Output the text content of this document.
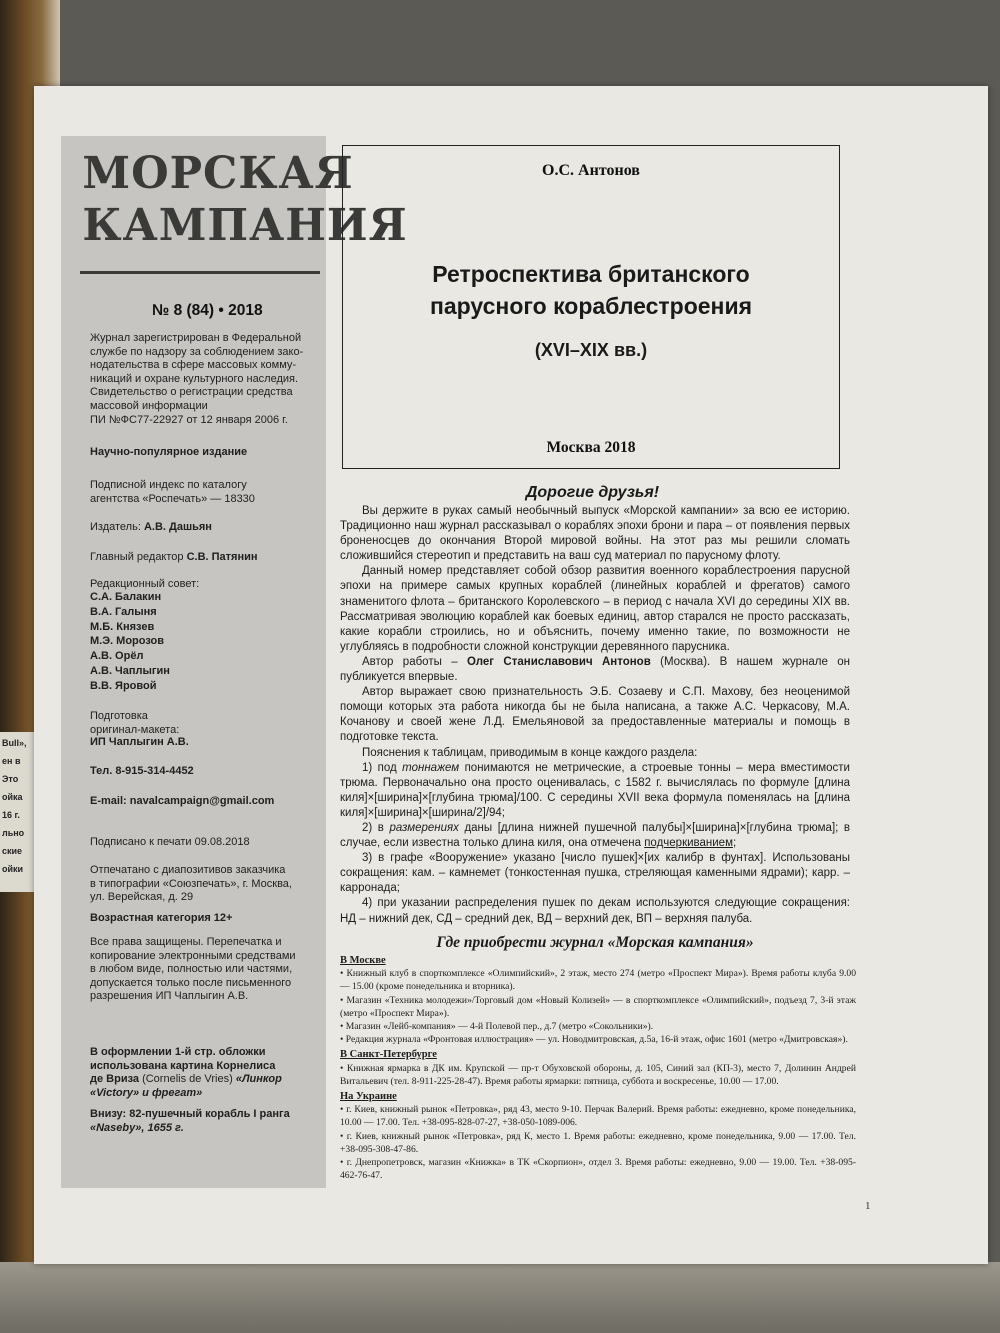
Bull»,
ен в
Это
ойка
16 г.
льно
ские
ойки
МОРСКАЯ
КАМПАНИЯ
№ 8 (84) • 2018
Журнал зарегистрирован в Федеральной
службе по надзору за соблюдением зако-
нодательства в сфере массовых комму-
никаций и охране культурного наследия.
Свидетельство о регистрации средства
массовой информации
ПИ №ФС77-22927 от 12 января 2006 г.
Научно-популярное издание
Подписной индекс по каталогу
агентства «Роспечать» — 18330
Издатель: А.В. Дашьян
Главный редактор С.В. Патянин
Редакционный совет:
С.А. Балакин
В.А. Галыня
М.Б. Князев
М.Э. Морозов
А.В. Орёл
А.В. Чаплыгин
В.В. Яровой
Подготовка
оригинал-макета:
ИП Чаплыгин А.В.
Тел. 8-915-314-4452
E-mail: navalcampaign@gmail.com
Подписано к печати 09.08.2018
Отпечатано с диапозитивов заказчика
в типографии «Союзпечать», г. Москва,
ул. Верейская, д. 29
Возрастная категория 12+
Все права защищены. Перепечатка и
копирование электронными средствами
в любом виде, полностью или частями,
допускается только после письменного
разрешения ИП Чаплыгин А.В.
В оформлении 1-й стр. обложки
использована картина Корнелиса
де Вриза (Cornelis de Vries) «Линкор
«Victory» и фрегат»
Внизу: 82-пушечный корабль I ранга
«Naseby», 1655 г.
О.С. Антонов
Ретроспектива британского
парусного кораблестроения
(XVI–XIX вв.)
Москва 2018
Дорогие друзья!

Вы держите в руках самый необычный выпуск «Морской кампании» за всю ее историю. Традиционно наш журнал рассказывал о кораблях эпохи брони и пара – от появления первых броненосцев до окончания Второй мировой войны. На этот раз мы решили сломать сложившийся стереотип и представить на ваш суд материал по парусному флоту.

Данный номер представляет собой обзор развития военного кораблестроения парусной эпохи на примере самых крупных кораблей (линейных кораблей и фрегатов) самого знаменитого флота – британского Королевского – в период с начала XVI до середины XIX вв. Рассматривая эволюцию кораблей как боевых единиц, автор старался не просто рассказать, какие корабли строились, но и объяснить, почему именно такие, по возможности не углубляясь в подробности сложной конструкции деревянного парусника.

Автор работы – Олег Станиславович Антонов (Москва). В нашем журнале он публикуется впервые.

Автор выражает свою признательность Э.Б. Созаеву и С.П. Махову, без неоценимой помощи которых эта работа никогда бы не была написана, а также А.С. Черкасову, М.А. Кочановy и своей жене Л.Д. Емельяновой за предоставленные материалы и помощь в подготовке текста.

Пояснения к таблицам, приводимым в конце каждого раздела:

1) под тоннажем понимаются не метрические, а строевые тонны – мера вместимости трюма. Первоначально она просто оценивалась, с 1582 г. вычислялась по формуле [длина киля]×[ширина]×[глубина трюма]/100. С середины XVII века формула поменялась на [длина киля]×[ширина]×[ширина/2]/94;

2) в размерениях даны [длина нижней пушечной палубы]×[ширина]×[глубина трюма]; в случае, если известна только длина киля, она отмечена подчеркиванием;

3) в графе «Вооружение» указано [число пушек]×[их калибр в фунтах]. Использованы сокращения: кам. – камнемет (тонкостенная пушка, стреляющая каменными ядрами); карр. – карронада;

4) при указании распределения пушек по декам используются следующие сокращения: НД – нижний дек, СД – средний дек, ВД – верхний дек, ВП – верхняя палуба.

Где приобрести журнал «Морская кампания»
В Москве
• Книжный клуб в спорткомплексе «Олимпийский», 2 этаж, место 274 (метро «Проспект Мира»). Время работы клуба 9.00 — 15.00 (кроме понедельника и вторника).
• Магазин «Техника молодежи»/Торговый дом «Новый Колизей» — в спорткомплексе «Олимпийский», подъезд 7, 3-й этаж (метро «Проспект Мира»).
• Магазин «Лейб-компания» — 4-й Полевой пер., д.7 (метро «Сокольники»).
• Редакция журнала «Фронтовая иллюстрация» — ул. Новодмитровская, д.5а, 16-й этаж, офис 1601 (метро «Дмитровская»).
В Санкт-Петербурге
• Книжная ярмарка в ДК им. Крупской — пр-т Обуховской обороны, д. 105, Синий зал (КП-3), место 7, Долинин Андрей Витальевич (тел. 8-911-225-28-47). Время работы ярмарки: пятница, суббота и воскресенье, 10.00 — 17.00.
На Украине
• г. Киев, книжный рынок «Петровка», ряд 43, место 9-10. Перчак Валерий. Время работы: ежедневно, кроме понедельника, 10.00 — 17.00. Тел. +38-095-828-07-27, +38-050-1089-006.
• г. Киев, книжный рынок «Петровка», ряд К, место 1. Время работы: ежедневно, кроме понедельника, 9.00 — 17.00. Тел. +38-095-308-47-86.
• г. Днепропетровск, магазин «Книжка» в ТК «Скорпион», отдел 3. Время работы: ежедневно, 9.00 — 19.00. Тел. +38-095-462-76-47.
1
